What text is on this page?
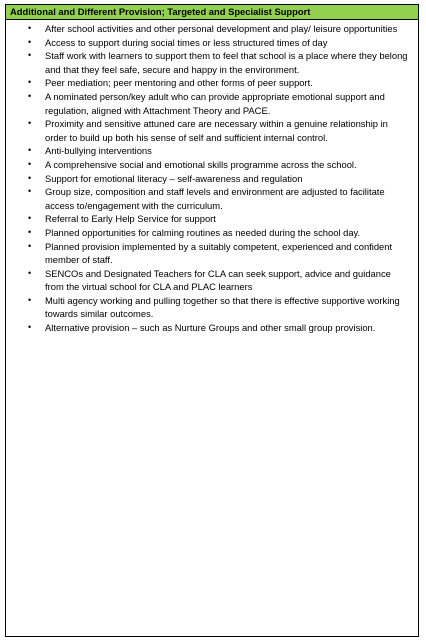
Additional and Different Provision; Targeted and Specialist Support
• After school activities and other personal development and play/ leisure opportunities
• Access to support during social times or less structured times of day
• Staff work with learners to support them to feel that school is a place where they belong and that they feel safe, secure and happy in the environment.
• Peer mediation; peer mentoring and other forms of peer support.
• A nominated person/key adult who can provide appropriate emotional support and regulation, aligned with Attachment Theory and PACE.
• Proximity and sensitive attuned care are necessary within a genuine relationship in order to build up both his sense of self and sufficient internal control.
• Anti-bullying interventions
• A comprehensive social and emotional skills programme across the school.
• Support for emotional literacy – self-awareness and regulation
• Group size, composition and staff levels and environment are adjusted to facilitate access to/engagement with the curriculum.
• Referral to Early Help Service for support
• Planned opportunities for calming routines as needed during the school day.
• Planned provision implemented by a suitably competent, experienced and confident member of staff.
• SENCOs and Designated Teachers for CLA can seek support, advice and guidance from the virtual school for CLA and PLAC learners
• Multi agency working and pulling together so that there is effective supportive working towards similar outcomes.
• Alternative provision – such as Nurture Groups and other small group provision.
